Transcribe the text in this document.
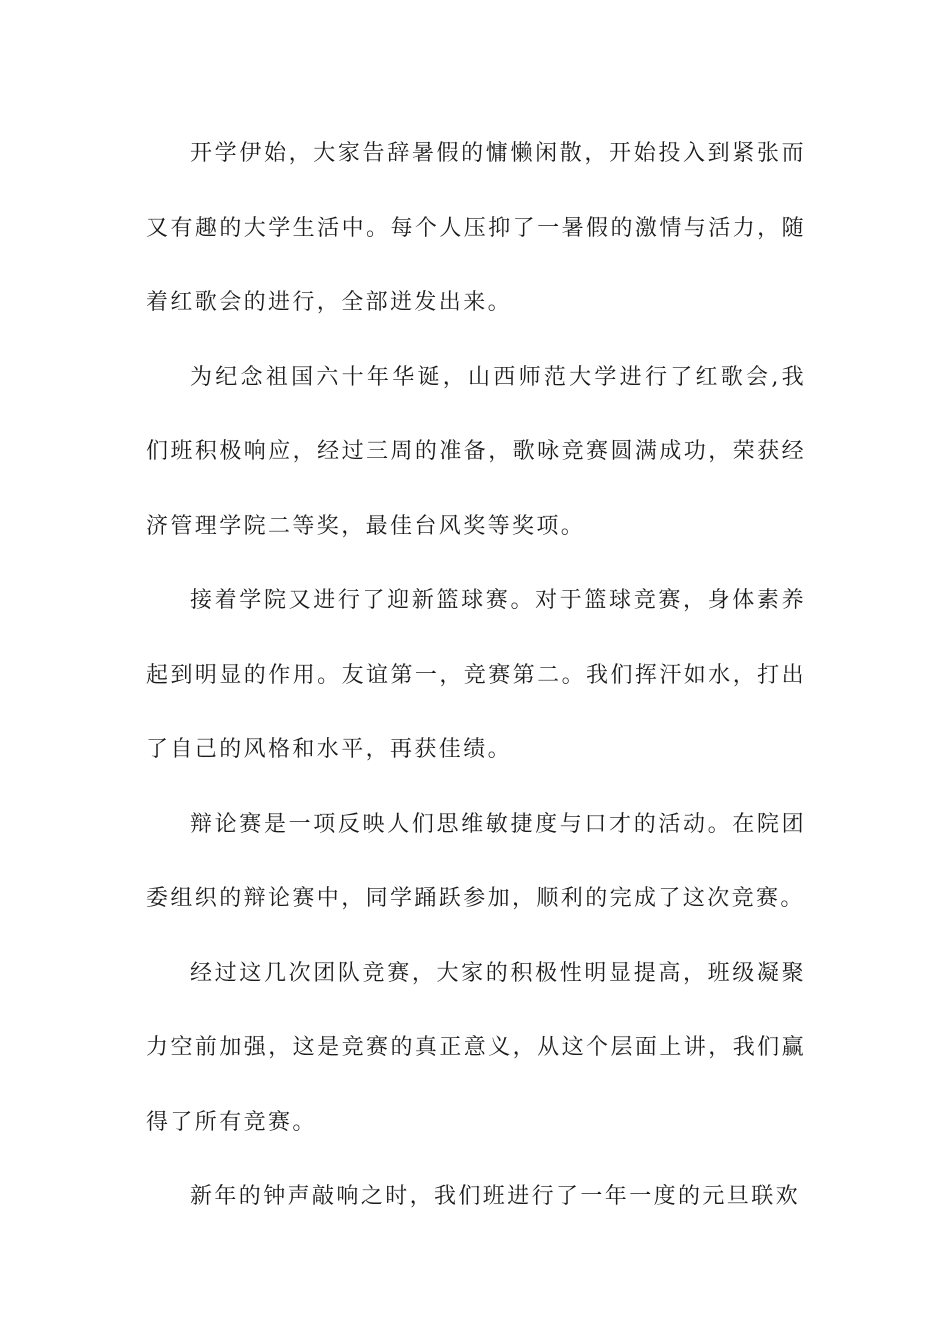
开学伊始，大家告辞暑假的慵懒闲散，开始投入到紧张而又有趣的大学生活中。每个人压抑了一暑假的激情与活力，随着红歌会的进行，全部迸发出来。

为纪念祖国六十年华诞，山西师范大学进行了红歌会,我们班积极响应，经过三周的准备，歌咏竞赛圆满成功，荣获经济管理学院二等奖，最佳台风奖等奖项。

接着学院又进行了迎新篮球赛。对于篮球竞赛，身体素养起到明显的作用。友谊第一，竞赛第二。我们挥汗如水，打出了自己的风格和水平，再获佳绩。

辩论赛是一项反映人们思维敏捷度与口才的活动。在院团委组织的辩论赛中，同学踊跃参加，顺利的完成了这次竞赛。

经过这几次团队竞赛，大家的积极性明显提高，班级凝聚力空前加强，这是竞赛的真正意义，从这个层面上讲，我们赢得了所有竞赛。

新年的钟声敲响之时，我们班进行了一年一度的元旦联欢
